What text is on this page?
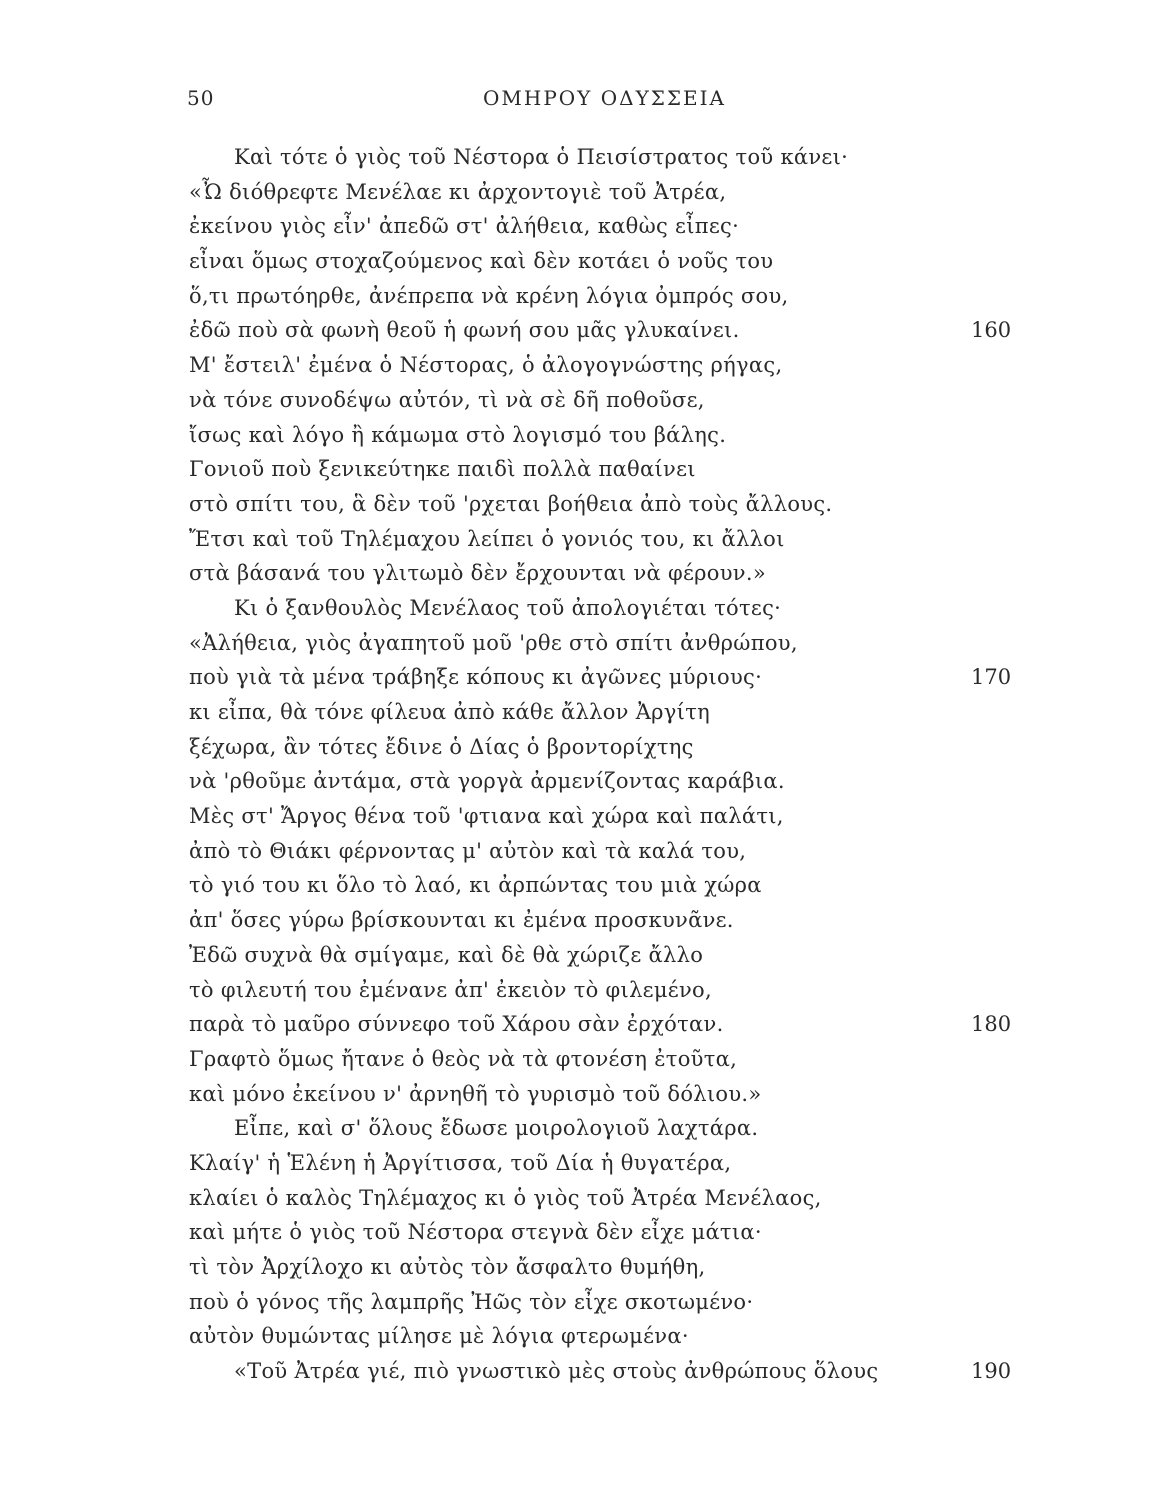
50	ΟΜΗΡΟΥ ΟΔΥΣΣΕΙΑ
Καὶ τότε ὁ γιὸς τοῦ Νέστορα ὁ Πεισίστρατος τοῦ κάνει·
«Ὦ διόθρεφτε Μενέλαε κι ἀρχοντογιὲ τοῦ Ἀτρέα,
ἐκείνου γιὸς εἶν' ἀπεδῶ στ' ἀλήθεια, καθὼς εἶπες·
εἶναι ὅμως στοχαζούμενος καὶ δὲν κοτάει ὁ νοῦς του
ὅ,τι πρωτόηρθε, ἀνέπρεπα νὰ κρένη λόγια ὀμπρός σου,
ἐδῶ ποὺ σὰ φωνὴ θεοῦ ἡ φωνή σου μᾶς γλυκαίνει.	160
Μ' ἔστειλ' ἐμένα ὁ Νέστορας, ὁ ἀλογογνώστης ρήγας,
νὰ τόνε συνοδέψω αὐτόν, τὶ νὰ σὲ δῆ ποθοῦσε,
ἴσως καὶ λόγο ἢ κάμωμα στὸ λογισμό του βάλης.
Γονιοῦ ποὺ ξενικεύτηκε παιδὶ πολλὰ παθαίνει
στὸ σπίτι του, ἃ δὲν τοῦ 'ρχεται βοήθεια ἀπὸ τοὺς ἄλλους.
Ἔτσι καὶ τοῦ Τηλέμαχου λείπει ὁ γονιός του, κι ἄλλοι
στὰ βάσανά του γλιτωμὸ δὲν ἔρχουνται νὰ φέρουν.»
Κι ὁ ξανθουλὸς Μενέλαος τοῦ ἀπολογιέται τότες·
«Ἀλήθεια, γιὸς ἀγαπητοῦ μοῦ 'ρθε στὸ σπίτι ἀνθρώπου,
ποὺ γιὰ τὰ μένα τράβηξε κόπους κι ἀγῶνες μύριους·	170
κι εἶπα, θὰ τόνε φίλευα ἀπὸ κάθε ἄλλον Ἀργίτη
ξέχωρα, ἂν τότες ἔδινε ὁ Δίας ὁ βροντορίχτης
νὰ 'ρθοῦμε ἀντάμα, στὰ γοργὰ ἀρμενίζοντας καράβια.
Μὲς στ' Ἄργος θένα τοῦ 'φτιανα καὶ χώρα καὶ παλάτι,
ἀπὸ τὸ Θιάκι φέρνοντας μ' αὐτὸν καὶ τὰ καλά του,
τὸ γιό του κι ὅλο τὸ λαό, κι ἀρπώντας του μιὰ χώρα
ἀπ' ὅσες γύρω βρίσκουνται κι ἐμένα προσκυνᾶνε.
Ἐδῶ συχνὰ θὰ σμίγαμε, καὶ δὲ θὰ χώριζε ἄλλο
τὸ φιλευτή του ἐμένανε ἀπ' ἐκειὸν τὸ φιλεμένο,
παρὰ τὸ μαῦρο σύννεφο τοῦ Χάρου σὰν ἐρχόταν.	180
Γραφτὸ ὅμως ἤτανε ὁ θεὸς νὰ τὰ φτονέση ἐτοῦτα,
καὶ μόνο ἐκείνου ν' ἀρνηθῆ τὸ γυρισμὸ τοῦ δόλιου.»
Εἶπε, καὶ σ' ὅλους ἔδωσε μοιρολογιοῦ λαχτάρα.
Κλαίγ' ἡ Ἑλένη ἡ Ἀργίτισσα, τοῦ Δία ἡ θυγατέρα,
κλαίει ὁ καλὸς Τηλέμαχος κι ὁ γιὸς τοῦ Ἀτρέα Μενέλαος,
καὶ μήτε ὁ γιὸς τοῦ Νέστορα στεγνὰ δὲν εἶχε μάτια·
τὶ τὸν Ἀρχίλοχο κι αὐτὸς τὸν ἄσφαλτο θυμήθη,
ποὺ ὁ γόνος τῆς λαμπρῆς Ἠῶς τὸν εἶχε σκοτωμένο·
αὐτὸν θυμώντας μίλησε μὲ λόγια φτερωμένα·
«Τοῦ Ἀτρέα γιέ, πιὸ γνωστικὸ μὲς στοὺς ἀνθρώπους ὅλους	190
